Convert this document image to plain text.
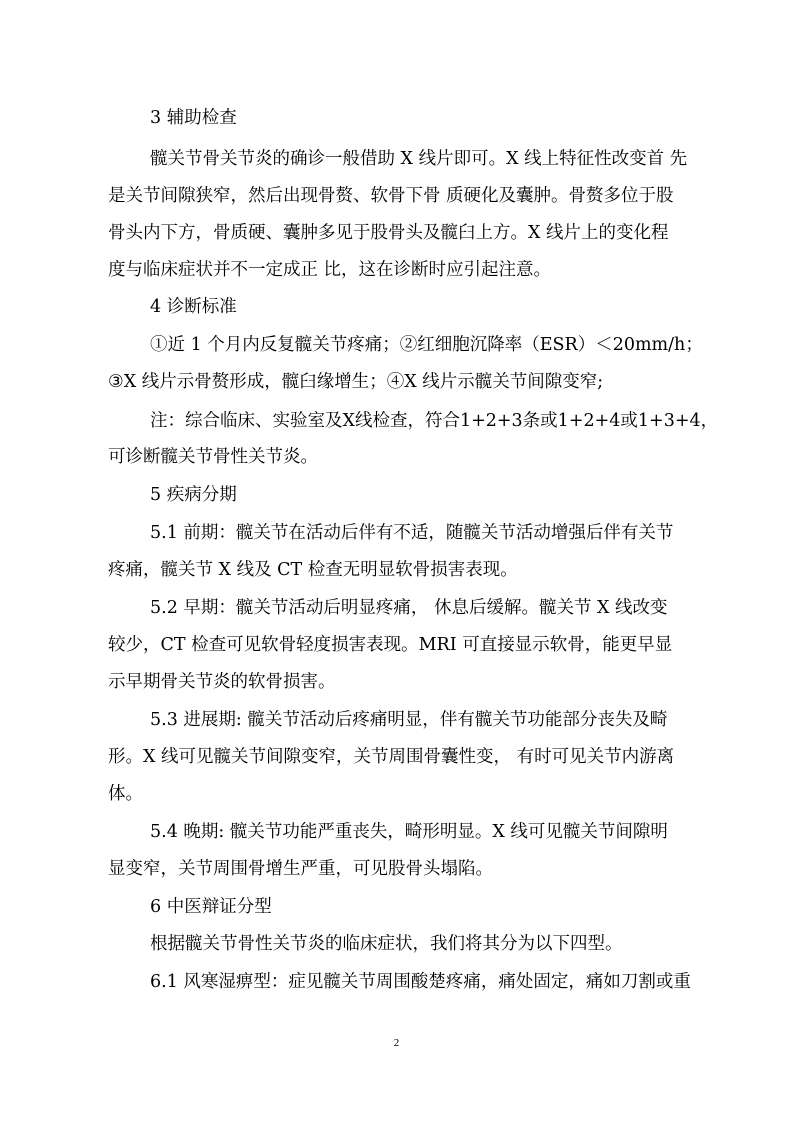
3 辅助检查

髋关节骨关节炎的确诊一般借助 X 线片即可。X 线上特征性改变首 先

是关节间隙狭窄，然后出现骨赘、软骨下骨 质硬化及囊肿。骨赘多位于股

骨头内下方，骨质硬、囊肿多见于股骨头及髋臼上方。X 线片上的变化程

度与临床症状并不一定成正 比，这在诊断时应引起注意。

4 诊断标准

①近 1 个月内反复髋关节疼痛；②红细胞沉降率（ESR）＜20mm/h；

③X 线片示骨赘形成，髋臼缘增生；④X 线片示髋关节间隙变窄;

注：综合临床、实验室及X线检查，符合1+2+3条或1+2+4或1+3+4，

可诊断髋关节骨性关节炎。

5 疾病分期

5.1 前期：髋关节在活动后伴有不适，随髋关节活动增强后伴有关节

疼痛，髋关节 X 线及 CT 检查无明显软骨损害表现。

5.2 早期：髋关节活动后明显疼痛， 休息后缓解。髋关节 X 线改变

较少，CT 检查可见软骨轻度损害表现。MRI 可直接显示软骨，能更早显

示早期骨关节炎的软骨损害。

5.3 进展期: 髋关节活动后疼痛明显，伴有髋关节功能部分丧失及畸

形。X 线可见髋关节间隙变窄，关节周围骨囊性变， 有时可见关节内游离

体。

5.4 晚期: 髋关节功能严重丧失，畸形明显。X 线可见髋关节间隙明

显变窄，关节周围骨增生严重，可见股骨头塌陷。

6 中医辩证分型

根据髋关节骨性关节炎的临床症状，我们将其分为以下四型。

6.1 风寒湿痹型：症见髋关节周围酸楚疼痛，痛处固定，痛如刀割或重

2
